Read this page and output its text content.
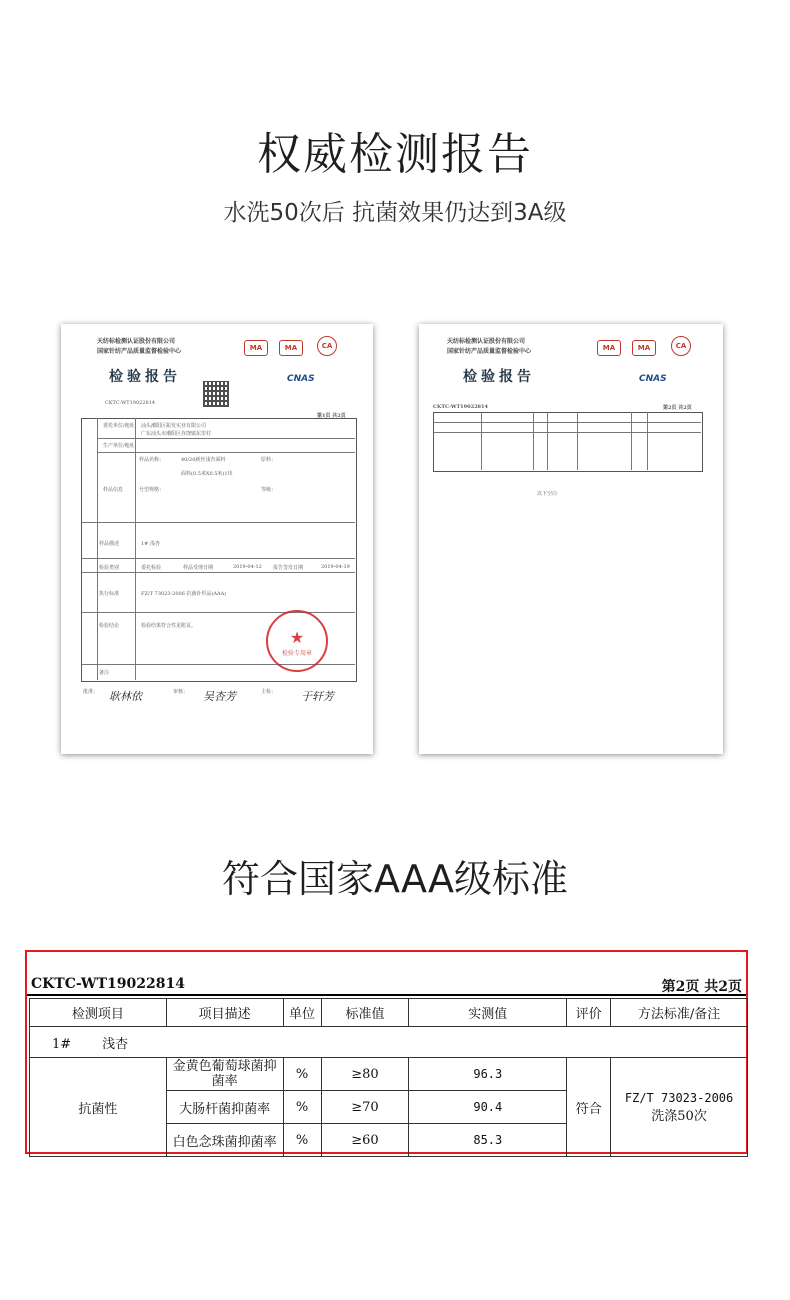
权威检测报告
水洗50次后 抗菌效果仍达到3A级
天纺标检测认证股份有限公司
国家针纺产品质量监督检验中心	MA	MA	CA
检验报告	CNAS
CKTC-WT19022814
第1页 共2页
委托单位/地址 汕头潮阳区振发实业有限公司
广东汕头市潮阳区谷饶镇东里村
生产单位/地址
样品名称：	40/20新丝浅杏面料	原料：
面料(0.5米X0.5米)1块
样品信息	号型规格：	等级：
样品描述	1# 浅杏
检验类别	委托检验	样品受理日期	2019-04-12 报告签发日期	2019-04-19
执行标准	FZ/T 73023-2006 抗菌针织品(AAA)
检验结论	检验结果符合性见附页。
备注
★
检验专用章
批准：	审核：	主检：
耿林依	吴杏芳	于轩芳
天纺标检测认证股份有限公司
国家针纺产品质量监督检验中心	MA	MA	CA
检验报告	CNAS
CKTC-WT19022814	第2页 共2页
以下空白
符合国家AAA级标准
CKTC-WT19022814	第2页 共2页
检测项目	项目描述	单位	标准值	实测值	评价	方法标准/备注
1# 浅杏						
抗菌性	金黄色葡萄球菌抑菌率	%	≥80	96.3	符合	FZ/T 73023-2006
洗涤50次

	大肠杆菌抑菌率	%	≥70	90.4		
	白色念珠菌抑菌率	%	≥60	85.3		
